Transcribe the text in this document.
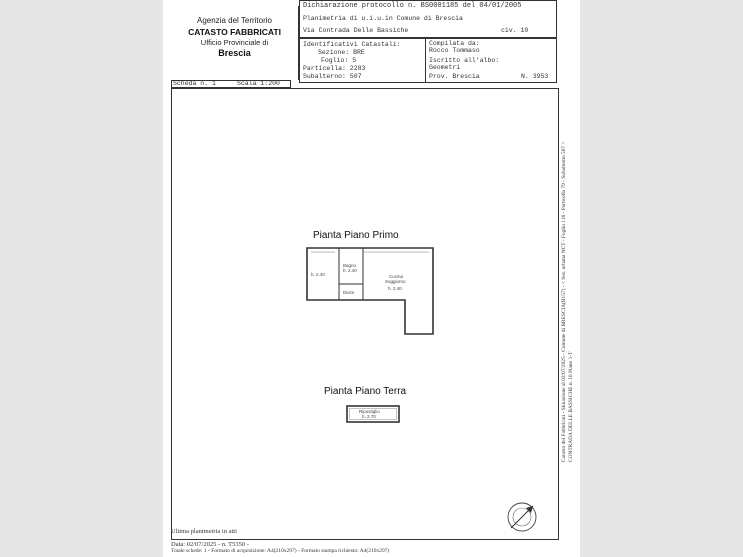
Agenzia del Territorio
CATASTO FABBRICATI
Ufficio Provinciale di
Brescia
Dichiarazione protocollo n. BS0001185 del 04/01/2005
Planimetria di u.i.u.in Comune di Brescia
Via Contrada Delle Bassiche	civ. 10
Identificativi Catastali:
Sezione: BRE
Foglio: 5
Particella: 2283
Subalterno: 507
Compilata da:
Rocco Tommaso
Iscritto all'albo:
Geometri
Prov. Brescia	N. 3953
Scheda n. 1	Scala 1:200
Pianta Piano Primo
h. 2.40
Bagno
h. 2.40
Disim
Cucina
Soggiorno
h. 2.40
Pianta Piano Terra
Ripostiglio
h. 2.70
Ultima planimetria in atti
Data: 02/07/2025 - n. T5350 -
Totale schede: 1 - Formato di acquisizione: A4(210x297) - Formato stampa richiesto: A4(210x297)
Catasto dei Fabbricati - Situazione al 02/07/2025 - Comune di BRESCIA(B157) - < Sez. urbana NCT - Foglio 116 - Particella 79 - Subalterno 507 > CONTRADA DELLE BASSICHE n. 10 Piano 1-T
